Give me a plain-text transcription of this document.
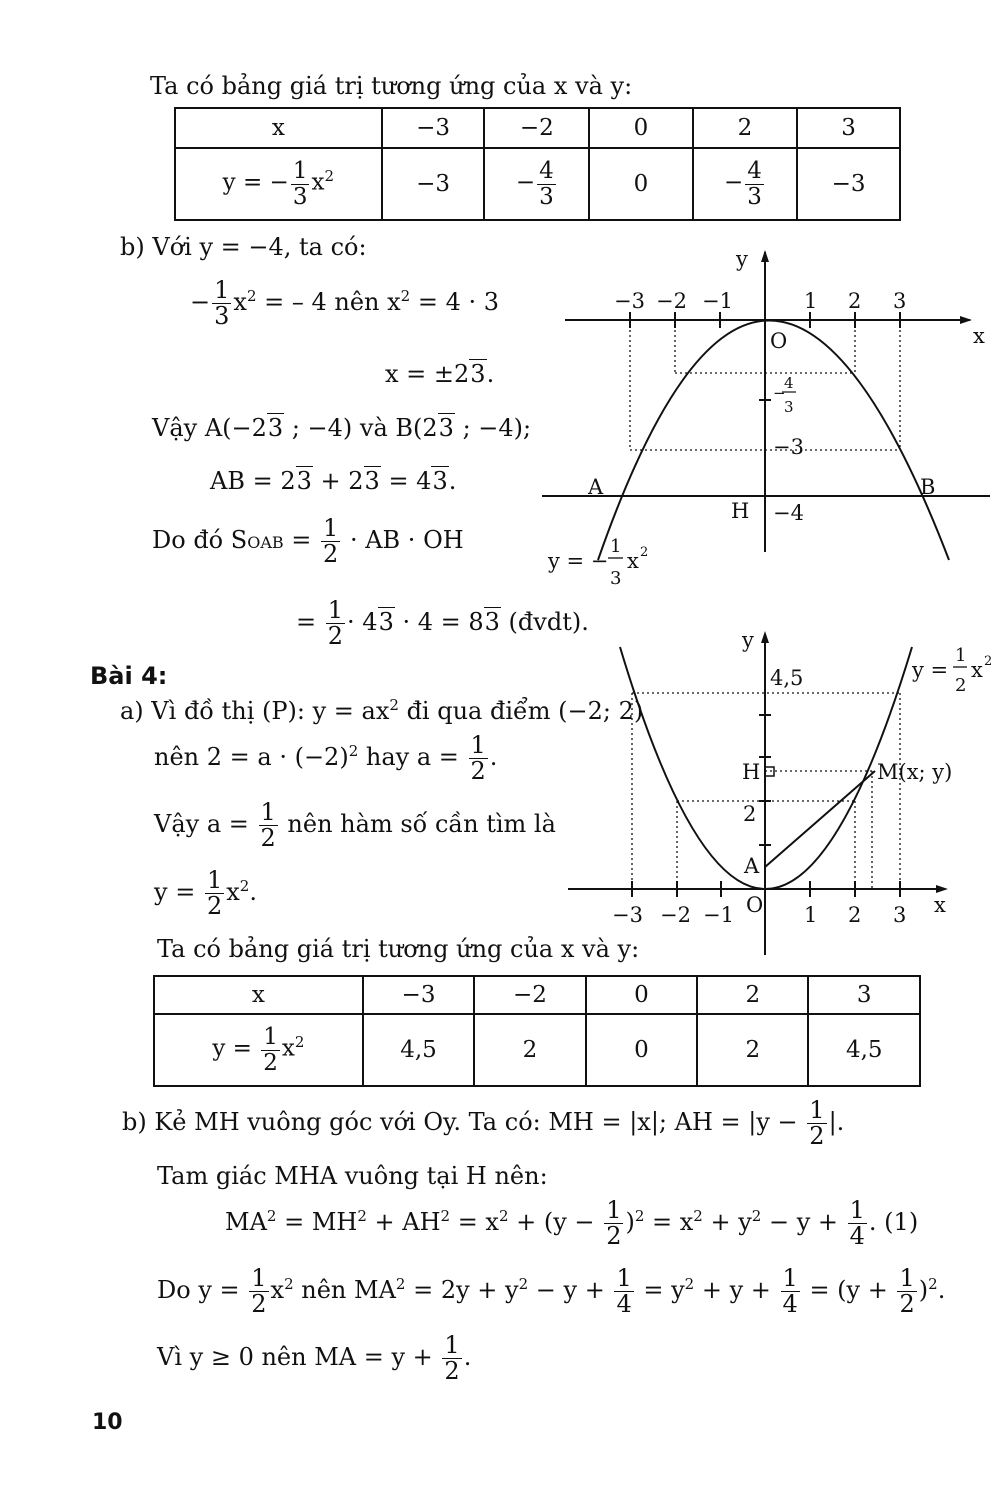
Ta có bảng giá trị tương ứng của x và y:
x	−3	−2	0	2	3
y = − $\frac{1}{3} x^2$	−3	− $\frac{4}{3}$	0	− $\frac{4}{3}$	−3
b) Với y = −4, ta có:
− $\frac{1}{3} x^2$ = – 4 nên $x^2 = 4 \cdot 3$
x = ±23.
Vậy A(−23 ; −4) và B(23 ; −4);
AB = 23 + 23 = 43.
Do đó SOAB = $\frac{1}{2}$ · AB · OH
= $\frac{1}{2} \cdot 43 \cdot 4 = 83$ (đvdt).
Bài 4:
a) Vì đồ thị (P): $y = ax^2$ đi qua điểm (−2; 2)
nên $2 = a \cdot (-2)^2$ hay $a = \frac{1}{2}$ .
Vậy $a = \frac{1}{2}$ nên hàm số cần tìm là
$y = \frac{1}{2} x^2$.
Ta có bảng giá trị tương ứng của x và y:
x	−3	−2	0	2	3
$y = \frac{1}{2} x^2$	4,5	2	0	2	4,5
b) Kẻ MH vuông góc với Oy. Ta có: MH = |x|; AH = $|y - \frac{1}{2}$ |.
Tam giác MHA vuông tại H nên:
$MA^2 = MH^2 + AH^2 = x^2 + (y - \frac{1}{2} )^2 = x^2 + y^2 - y + \frac{1}{4}$ . (1)
Do $y = \frac{1}{2} x^2$ nên $MA^2 = 2y + y^2 - y + \frac{1}{4} = y^2 + y + \frac{1}{4} = (y + \frac{1}{2} )^2$.
Vì y ≥ 0 nên MA = $y + \frac{1}{2}$ .
10
y
x
−3 −2 −1	1 2 3
O
4
−
3
−3
−4
A	B
H
y = −
1
3
x 2
y
x
−3 −2 −1	1 2 3
O
4,5
2
H
A
M(x; y)
y =
1
2
x 2
